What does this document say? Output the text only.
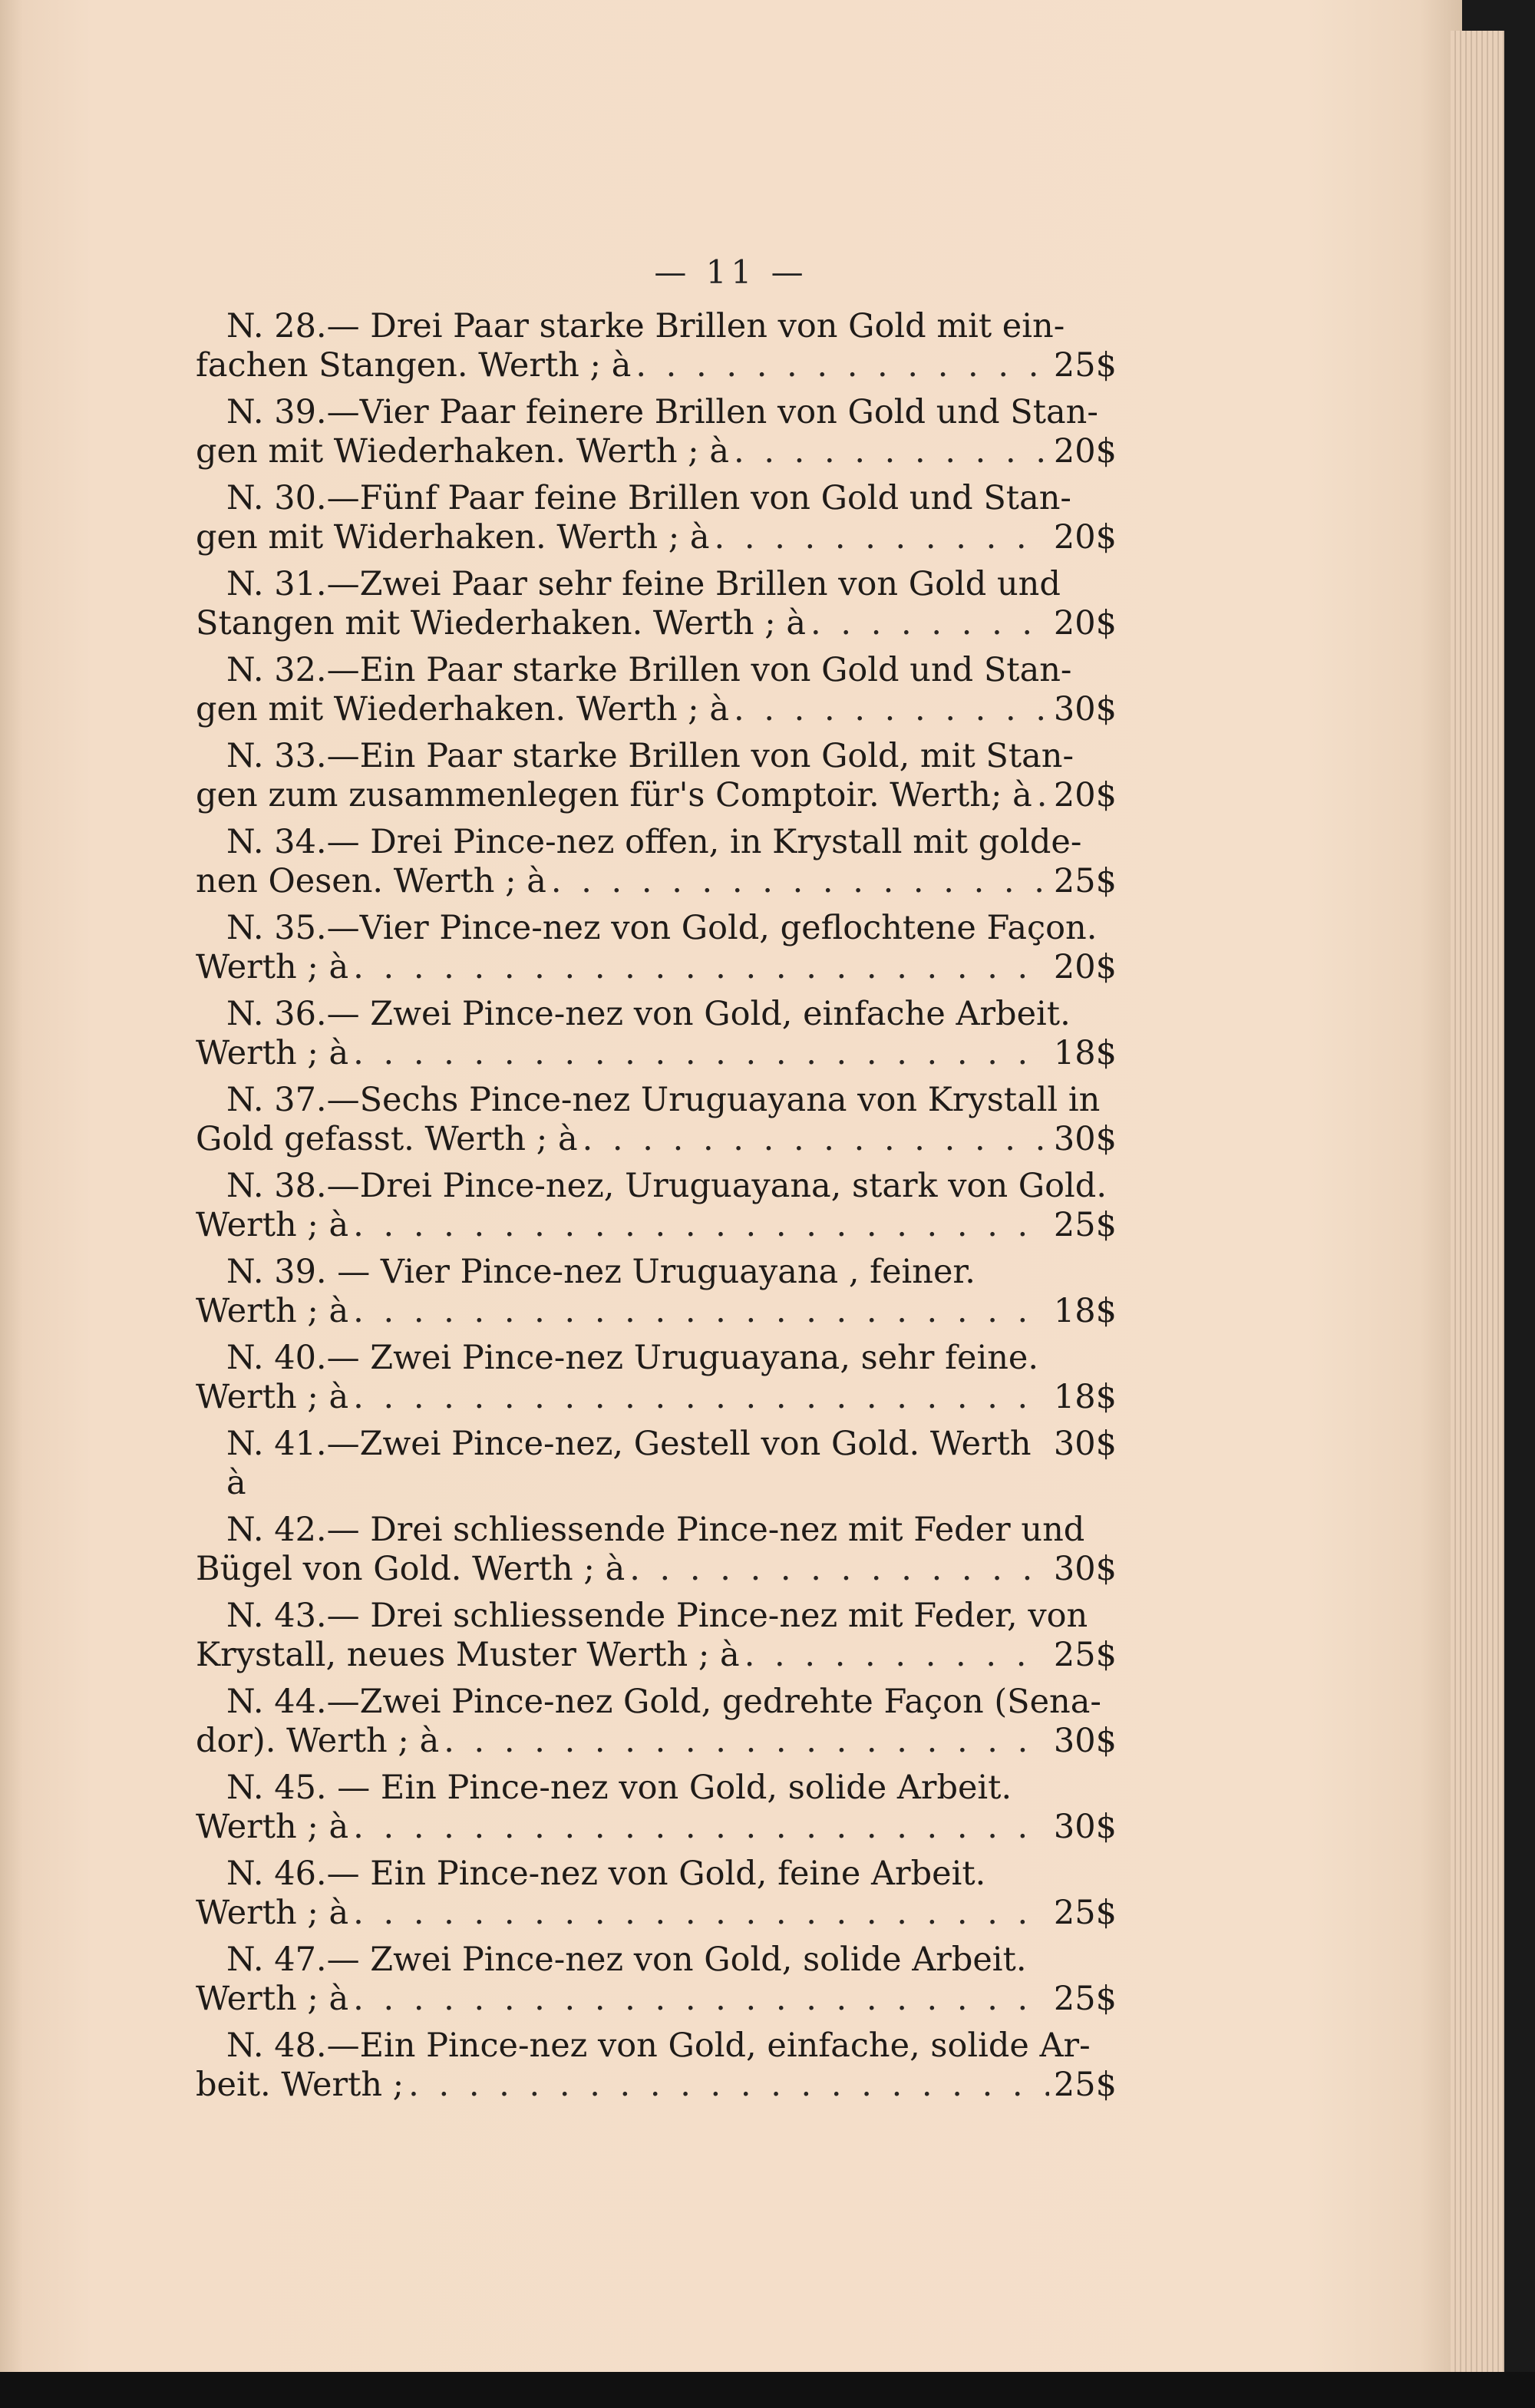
— 11 —
N. 28.— Drei Paar starke Brillen von Gold mit ein-
fachen Stangen. Werth ; à . . .	25$
N. 39.—Vier Paar feinere Brillen von Gold und Stan-
gen mit Wiederhaken. Werth ; à . . .	20$
N. 30.—Fünf Paar feine Brillen von Gold und Stan-
gen mit Widerhaken. Werth ; à . . .	20$
N. 31.—Zwei Paar sehr feine Brillen von Gold und
Stangen mit Wiederhaken. Werth ; à . . .	20$
N. 32.—Ein Paar starke Brillen von Gold und Stan-
gen mit Wiederhaken. Werth ; à . . .	30$
N. 33.—Ein Paar starke Brillen von Gold, mit Stan-
gen zum zusammenlegen für's Comptoir. Werth; à . . . 20$
N. 34.— Drei Pince-nez offen, in Krystall mit golde-
nen Oesen. Werth ; à . . .	25$
N. 35.—Vier Pince-nez von Gold, geflochtene Façon.
Werth ; à . . .	20$
N. 36.— Zwei Pince-nez von Gold, einfache Arbeit.
Werth ; à . . .	18$
N. 37.—Sechs Pince-nez Uruguayana von Krystall in
Gold gefasst. Werth ; à . . .	30$
N. 38.—Drei Pince-nez, Uruguayana, stark von Gold.
Werth ; à . . .	25$
N. 39. — Vier Pince-nez Uruguayana , feiner.
Werth ; à . . .	18$
N. 40.— Zwei Pince-nez Uruguayana, sehr feine.
Werth ; à . . .	18$
N. 41.—Zwei Pince-nez, Gestell von Gold. Werth à
30$
N. 42.— Drei schliessende Pince-nez mit Feder und
Bügel von Gold. Werth ; à . . .	30$
N. 43.— Drei schliessende Pince-nez mit Feder, von
Krystall, neues Muster Werth ; à . . .	25$
N. 44.—Zwei Pince-nez Gold, gedrehte Façon (Sena-
dor). Werth ; à . . .	30$
N. 45. — Ein Pince-nez von Gold, solide Arbeit.
Werth ; à . . .	30$
N. 46.— Ein Pince-nez von Gold, feine Arbeit.
Werth ; à . . .	25$
N. 47.— Zwei Pince-nez von Gold, solide Arbeit.
Werth ; à . . .	25$
N. 48.—Ein Pince-nez von Gold, einfache, solide Ar-
beit. Werth ; . . .	25$
